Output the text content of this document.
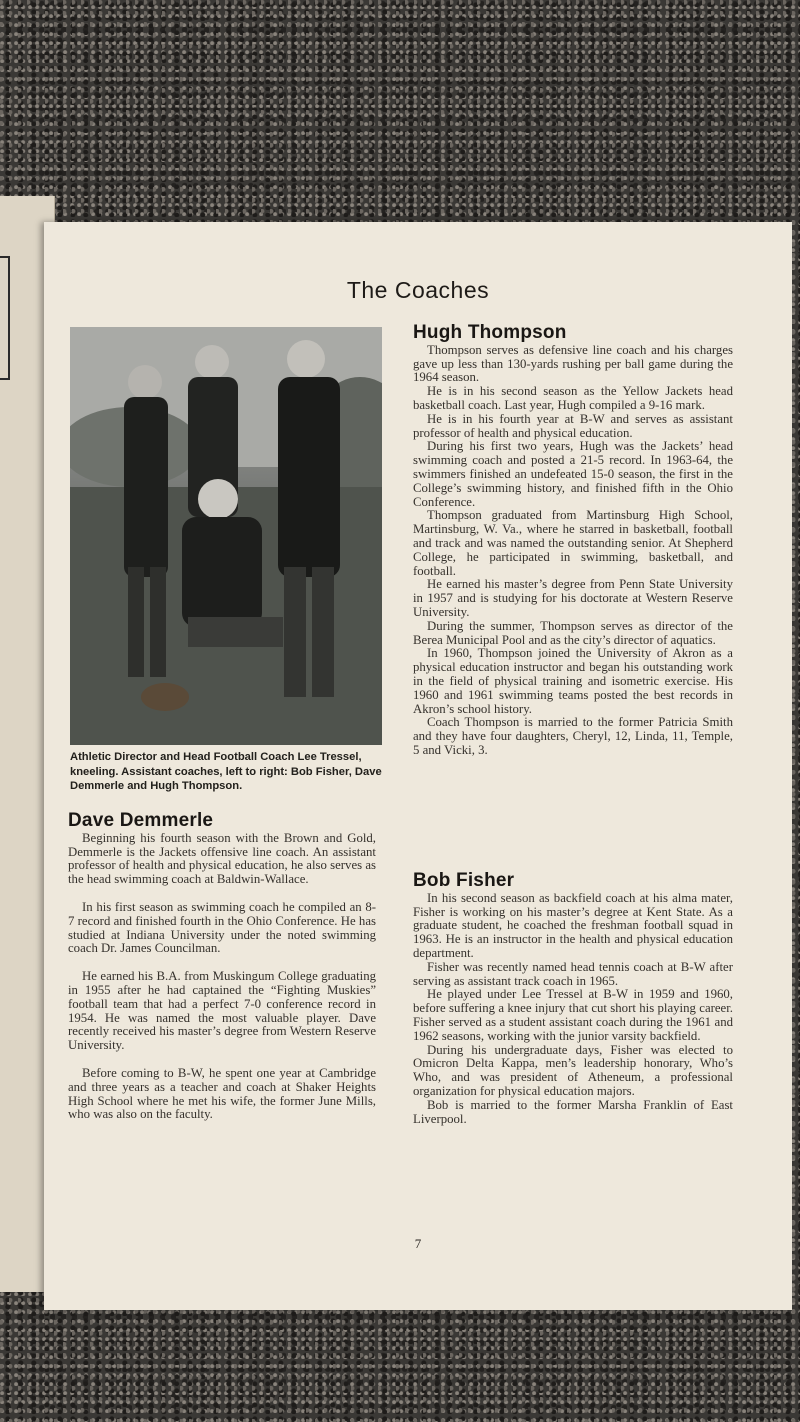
The Coaches
Athletic Director and Head Football Coach Lee Tressel, kneeling. Assistant coaches, left to right: Bob Fisher, Dave Demmerle and Hugh Thompson.
Dave Demmerle

Beginning his fourth season with the Brown and Gold, Demmerle is the Jackets offensive line coach. An assistant professor of health and physical education, he also serves as the head swimming coach at Baldwin-Wallace.

In his first season as swimming coach he compiled an 8-7 record and finished fourth in the Ohio Conference. He has studied at Indiana University under the noted swimming coach Dr. James Councilman.

He earned his B.A. from Muskingum College graduating in 1955 after he had captained the “Fighting Muskies” football team that had a perfect 7-0 conference record in 1954. He was named the most valuable player. Dave recently received his master’s degree from Western Reserve University.

Before coming to B-W, he spent one year at Cambridge and three years as a teacher and coach at Shaker Heights High School where he met his wife, the former June Mills, who was also on the faculty.

Hugh Thompson

Thompson serves as defensive line coach and his charges gave up less than 130-yards rushing per ball game during the 1964 season.

He is in his second season as the Yellow Jackets head basketball coach. Last year, Hugh compiled a 9-16 mark.

He is in his fourth year at B-W and serves as assistant professor of health and physical education.

During his first two years, Hugh was the Jackets’ head swimming coach and posted a 21-5 record. In 1963-64, the swimmers finished an undefeated 15-0 season, the first in the College’s swimming history, and finished fifth in the Ohio Conference.

Thompson graduated from Martinsburg High School, Martinsburg, W. Va., where he starred in basketball, football and track and was named the outstanding senior. At Shepherd College, he participated in swimming, basketball, and football.

He earned his master’s degree from Penn State University in 1957 and is studying for his doctorate at Western Reserve University.

During the summer, Thompson serves as director of the Berea Municipal Pool and as the city’s director of aquatics.

In 1960, Thompson joined the University of Akron as a physical education instructor and began his outstanding work in the field of physical training and isometric exercise. His 1960 and 1961 swimming teams posted the best records in Akron’s school history.

Coach Thompson is married to the former Patricia Smith and they have four daughters, Cheryl, 12, Linda, 11, Temple, 5 and Vicki, 3.

Bob Fisher

In his second season as backfield coach at his alma mater, Fisher is working on his master’s degree at Kent State. As a graduate student, he coached the freshman football squad in 1963. He is an instructor in the health and physical education department.

Fisher was recently named head tennis coach at B-W after serving as assistant track coach in 1965.

He played under Lee Tressel at B-W in 1959 and 1960, before suffering a knee injury that cut short his playing career. Fisher served as a student assistant coach during the 1961 and 1962 seasons, working with the junior varsity backfield.

During his undergraduate days, Fisher was elected to Omicron Delta Kappa, men’s leadership honorary, Who’s Who, and was president of Atheneum, a professional organization for physical education majors.

Bob is married to the former Marsha Franklin of East Liverpool.

7
